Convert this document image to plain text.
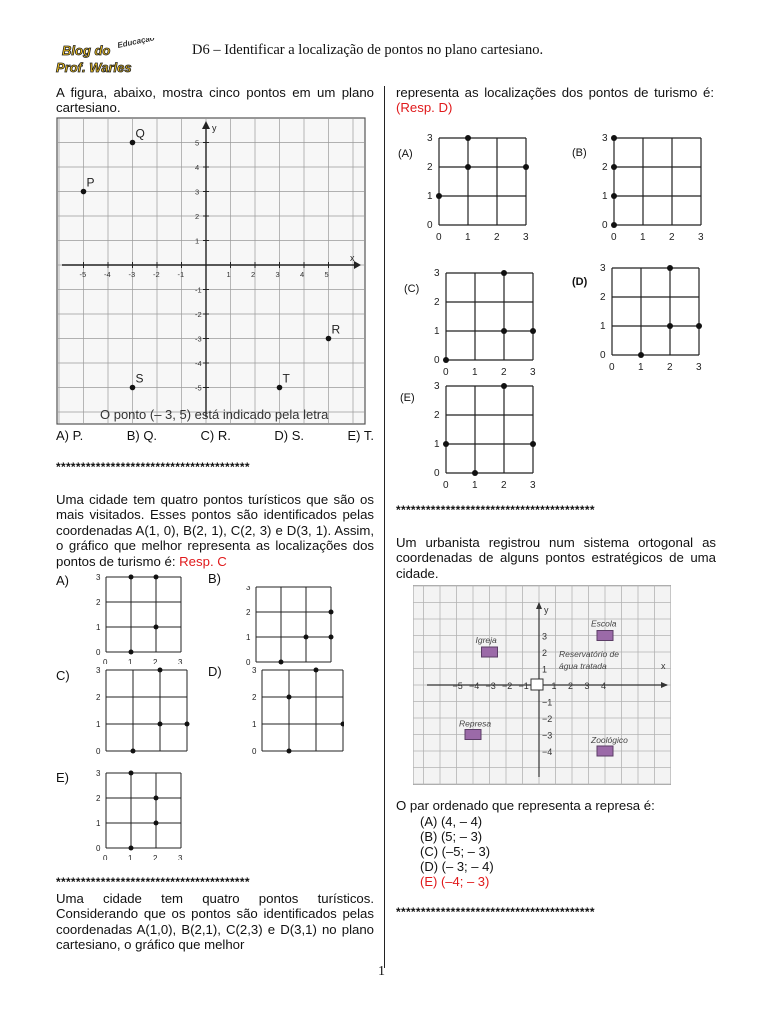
Educação
Blog do
Prof. Warles
D6 – Identificar a localização de pontos no plano cartesiano.
A figura, abaixo, mostra cinco pontos em um plano cartesiano.
x
y
-5 -4 -3 -2 -1	1	2	3	4	5
5
4
3
2
1
-1
-2
-3
-4
-5
P
Q
R
S	T
O ponto (– 3, 5) está indicado pela letra
A) P.	B) Q.	C) R.	D) S.	E) T.
***************************************
Uma cidade tem quatro pontos turísticos que são os mais visitados. Esses pontos são identificados pelas coordenadas A(1, 0), B(2, 1), C(2, 3) e D(3, 1). Assim, o gráfico que melhor representa as localizações dos pontos de turismo é: Resp. C
A)	B)
C)	D)
E)
0
0
1
1
2
2
3
3
0
1
2
3
0
1
2
3
0
1
2
3
0
0
1
1
2
2
3
3
***************************************
Uma cidade tem quatro pontos turísticos. Considerando que os pontos são identificados pelas coordenadas A(1,0), B(2,1), C(2,3) e D(3,1) no plano cartesiano, o gráfico que melhor
representa as localizações dos pontos de turismo é: (Resp. D)
(A)	(B)
(C)
(D)
(E)
0
0
1
1
2
2
3
3
0
0
1
1
2
2
3
3
0
0
1
1
2
2
3
3
0
0
1
1
2
2
3
3
0
0
1
1
2
2
3
3
****************************************
Um urbanista registrou num sistema ortogonal as coordenadas de alguns pontos estratégicos de uma cidade.
x
y
−5 −4 −3 −2 −1	1 2 3 4
3
2
1
−1
−2
−3
−4
Reservatório de
água tratada
Igreja
Escola
Represa
Zoológico
O par ordenado que representa a represa é:
(A) (4, – 4)
(B) (5; – 3)
(C) (–5; – 3)
(D) (– 3; – 4)
(E) (–4; – 3)
****************************************
1
